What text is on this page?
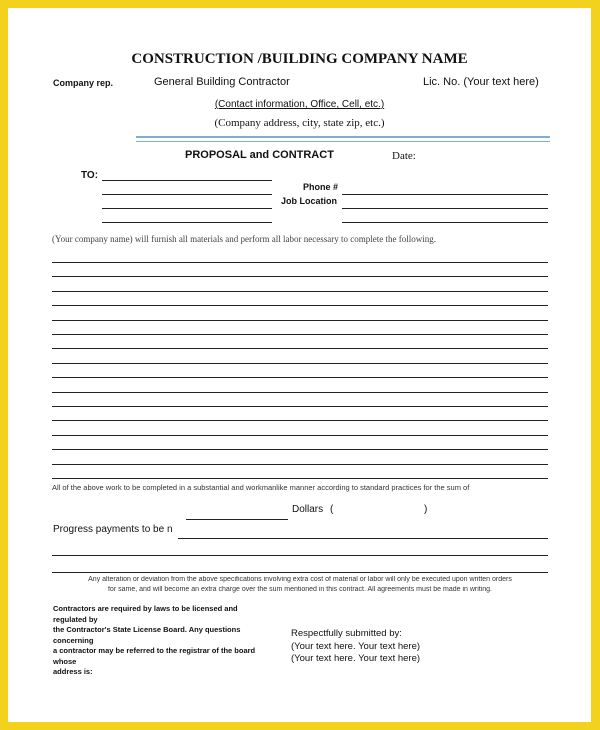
CONSTRUCTION /BUILDING COMPANY NAME
Company rep.	General Building Contractor	Lic. No. (Your text here)
(Contact information, Office, Cell, etc.)
(Company address, city, state zip, etc.)
PROPOSAL and CONTRACT	Date:
TO:
Phone #
Job Location
(Your company name) will furnish all materials and perform all labor necessary to complete the following.
All of the above work to be completed in a substantial and workmanlike manner according to standard practices for the sum of
Dollars (	)
Progress payments to be n
Any alteration or deviation from the above specifications involving extra cost of material or labor will only be executed upon written orders
for same, and will become an extra charge over the sum mentioned in this contract. All agreements must be made in writing.
Contractors are required by laws to be licensed and
regulated by
the Contractor's State License Board. Any questions
concerning
a contractor may be referred to the registrar of the board
whose
address is:
Respectfully submitted by:
(Your text here. Your text here)
(Your text here. Your text here)
